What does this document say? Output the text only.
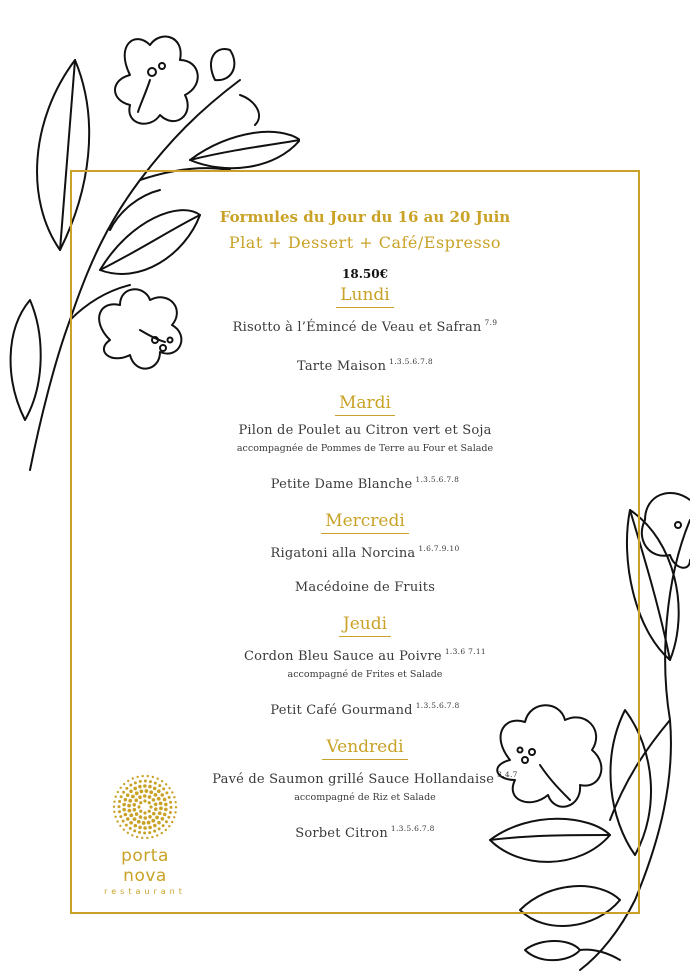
Formules du Jour du 16 au 20 Juin

Plat + Dessert + Café/Espresso

18.50€

Lundi

Risotto à l’Émincé de Veau et Safran $^{7.9}$

Tarte Maison $^{1.3.5.6.7.8}$

Mardi

Pilon de Poulet au Citron vert et Soja

accompagnée de Pommes de Terre au Four et Salade

Petite Dame Blanche $^{1.3.5.6.7.8}$

Mercredi

Rigatoni alla Norcina $^{1.6.7.9.10}$

Macédoine de Fruits

Jeudi

Cordon Bleu Sauce au Poivre $^{1.3.6 7.11}$

accompagné de Frites et Salade

Petit Café Gourmand $^{1.3.5.6.7.8}$

Vendredi

Pavé de Saumon grillé Sauce Hollandaise $^{3.4.7}$

accompagné de Riz et Salade

Sorbet Citron $^{1.3.5.6.7.8}$

porta nova
restaurant
